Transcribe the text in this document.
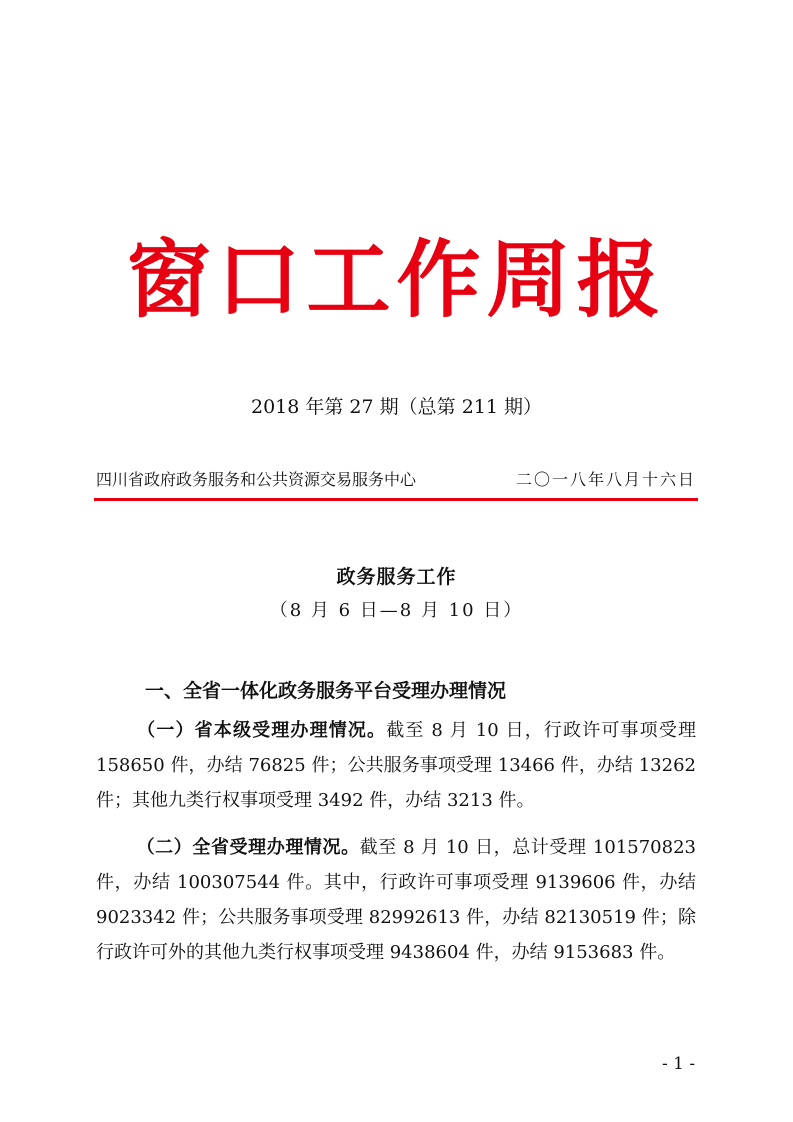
窗口工作周报
2018 年第 27 期（总第 211 期）
四川省政府政务服务和公共资源交易服务中心	二〇一八年八月十六日
政务服务工作
（8 月 6 日—8 月 10 日）
一、全省一体化政务服务平台受理办理情况
（一）省本级受理办理情况。截至 8 月 10 日，行政许可事项受理 158650 件，办结 76825 件；公共服务事项受理 13466 件，办结 13262 件；其他九类行权事项受理 3492 件，办结 3213 件。
（二）全省受理办理情况。截至 8 月 10 日，总计受理 101570823 件，办结 100307544 件。其中，行政许可事项受理 9139606 件，办结 9023342 件；公共服务事项受理 82992613 件，办结 82130519 件；除行政许可外的其他九类行权事项受理 9438604 件，办结 9153683 件。
- 1 -
